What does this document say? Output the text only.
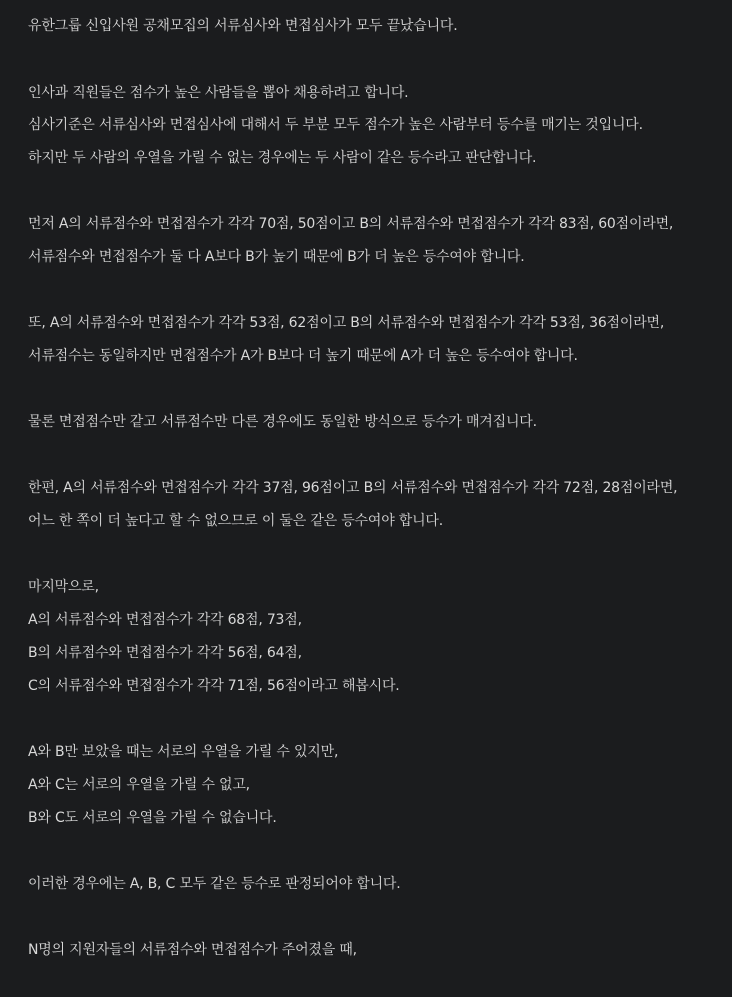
유한그룹 신입사원 공채모집의 서류심사와 면접심사가 모두 끝났습니다.
인사과 직원들은 점수가 높은 사람들을 뽑아 채용하려고 합니다.
심사기준은 서류심사와 면접심사에 대해서 두 부분 모두 점수가 높은 사람부터 등수를 매기는 것입니다.
하지만 두 사람의 우열을 가릴 수 없는 경우에는 두 사람이 같은 등수라고 판단합니다.
먼저 A의 서류점수와 면접점수가 각각 70점, 50점이고 B의 서류점수와 면접점수가 각각 83점, 60점이라면,
서류점수와 면접점수가 둘 다 A보다 B가 높기 때문에 B가 더 높은 등수여야 합니다.
또, A의 서류점수와 면접점수가 각각 53점, 62점이고 B의 서류점수와 면접점수가 각각 53점, 36점이라면,
서류점수는 동일하지만 면접점수가 A가 B보다 더 높기 때문에 A가 더 높은 등수여야 합니다.
물론 면접점수만 같고 서류점수만 다른 경우에도 동일한 방식으로 등수가 매겨집니다.
한편, A의 서류점수와 면접점수가 각각 37점, 96점이고 B의 서류점수와 면접점수가 각각 72점, 28점이라면,
어느 한 쪽이 더 높다고 할 수 없으므로 이 둘은 같은 등수여야 합니다.
마지막으로,
A의 서류점수와 면접점수가 각각 68점, 73점,
B의 서류점수와 면접점수가 각각 56점, 64점,
C의 서류점수와 면접점수가 각각 71점, 56점이라고 해봅시다.
A와 B만 보았을 때는 서로의 우열을 가릴 수 있지만,
A와 C는 서로의 우열을 가릴 수 없고,
B와 C도 서로의 우열을 가릴 수 없습니다.
이러한 경우에는 A, B, C 모두 같은 등수로 판정되어야 합니다.
N명의 지원자들의 서류점수와 면접점수가 주어졌을 때,
